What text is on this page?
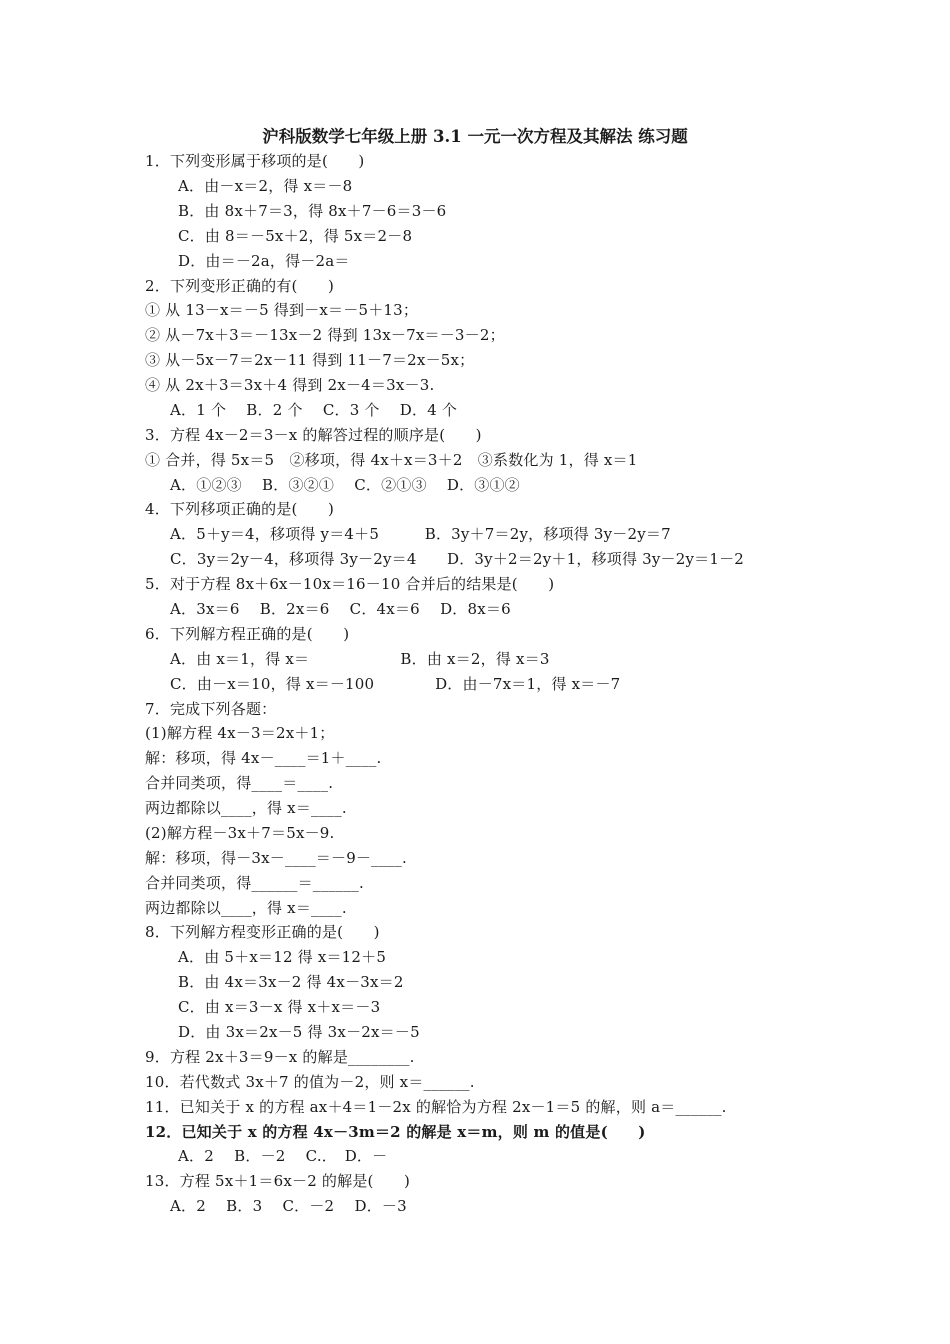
沪科版数学七年级上册 3.1 一元一次方程及其解法 练习题
1．下列变形属于移项的是(　　)
A．由－x＝2，得 x＝－8
B．由 8x＋7＝3，得 8x＋7－6＝3－6
C．由 8＝－5x＋2，得 5x＝2－8
D．由＝－2a，得－2a＝
2．下列变形正确的有(　　)
① 从 13－x＝－5 得到－x＝－5＋13；
② 从－7x＋3＝－13x－2 得到 13x－7x＝－3－2；
③ 从－5x－7＝2x－11 得到 11－7＝2x－5x；
④ 从 2x＋3＝3x＋4 得到 2x－4＝3x－3.
A．1 个　 B．2 个　 C．3 个　 D．4 个
3．方程 4x－2＝3－x 的解答过程的顺序是(　　)
① 合并，得 5x＝5　②移项，得 4x＋x＝3＋2　③系数化为 1，得 x＝1
A．①②③　 B．③②①　 C．②①③　 D．③①②
4．下列移项正确的是(　　)
A．5＋y＝4，移项得 y＝4＋5　　　B．3y＋7＝2y，移项得 3y－2y＝7
C．3y＝2y－4，移项得 3y－2y＝4　　D．3y＋2＝2y＋1，移项得 3y－2y＝1－2
5．对于方程 8x＋6x－10x＝16－10 合并后的结果是(　　)
A．3x＝6　 B．2x＝6　 C．4x＝6　 D．8x＝6
6．下列解方程正确的是(　　)
A．由 x＝1，得 x＝　　　　　　B．由 x＝2，得 x＝3
C．由－x＝10，得 x＝－100　　　　D．由－7x＝1，得 x＝－7
7．完成下列各题：
(1)解方程 4x－3＝2x＋1；
解：移项，得 4x－____＝1＋____.
合并同类项，得____＝____.
两边都除以____，得 x＝____.
(2)解方程－3x＋7＝5x－9.
解：移项，得－3x－____＝－9－____.
合并同类项，得______＝______.
两边都除以____，得 x＝____.
8．下列解方程变形正确的是(　　)
A．由 5＋x＝12 得 x＝12＋5
B．由 4x＝3x－2 得 4x－3x＝2
C．由 x＝3－x 得 x＋x＝－3
D．由 3x＝2x－5 得 3x－2x＝－5
9．方程 2x＋3＝9－x 的解是________.
10．若代数式 3x＋7 的值为－2，则 x＝______.
11．已知关于 x 的方程 ax＋4＝1－2x 的解恰为方程 2x－1＝5 的解，则 a＝______.
12．已知关于 x 的方程 4x－3m＝2 的解是 x＝m，则 m 的值是(　　)
A．2　 B．－2　 C.．　D．－
13．方程 5x＋1＝6x－2 的解是(　　)
A．2　 B．3　 C．－2　 D．－3
